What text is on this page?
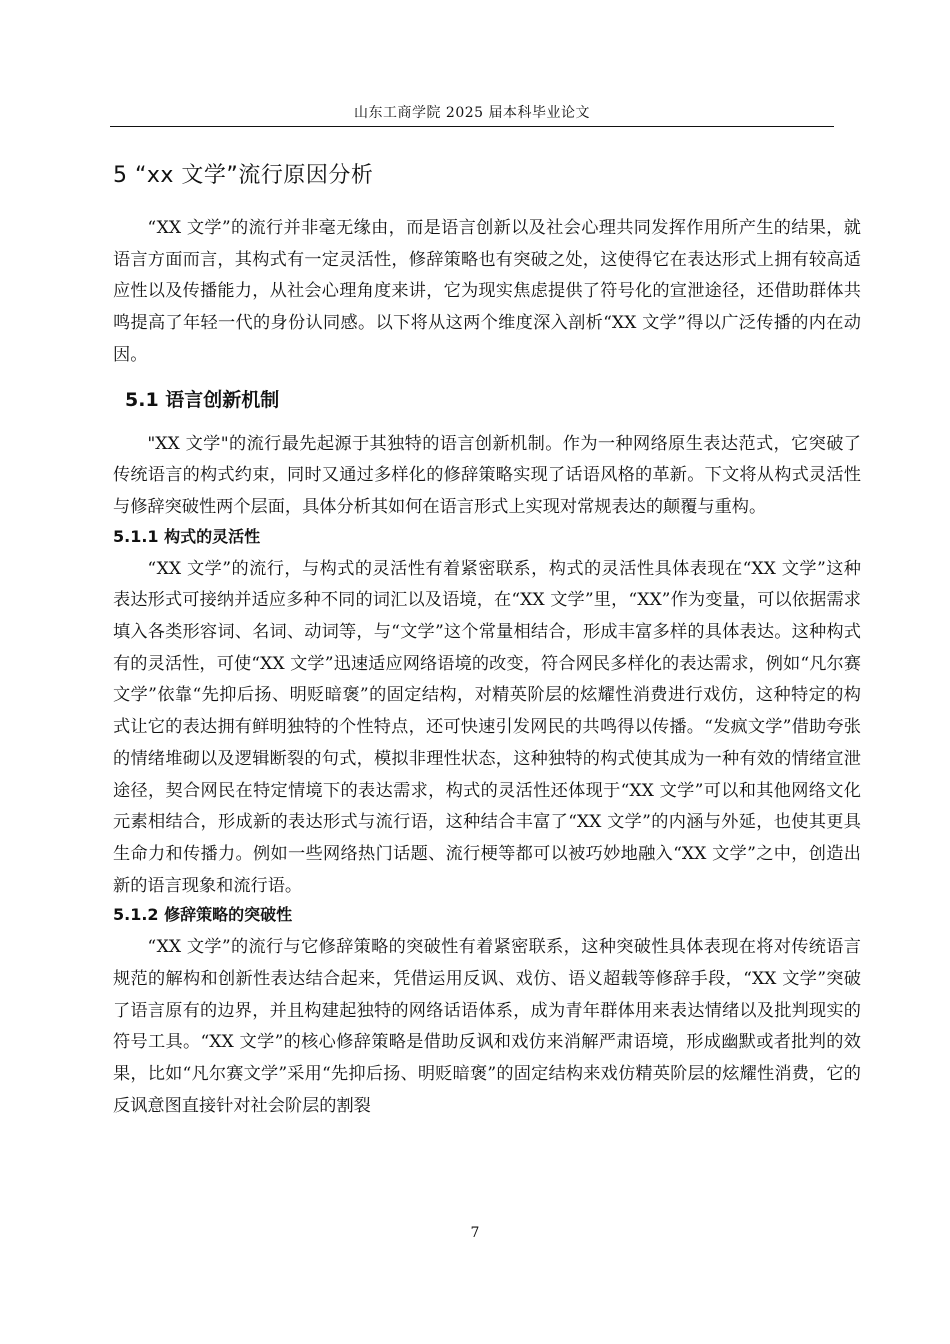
山东工商学院 2025 届本科毕业论文
5 “xx 文学”流行原因分析

“XX 文学”的流行并非毫无缘由，而是语言创新以及社会心理共同发挥作用所产生的结果，就语言方面而言，其构式有一定灵活性，修辞策略也有突破之处，这使得它在表达形式上拥有较高适应性以及传播能力，从社会心理角度来讲，它为现实焦虑提供了符号化的宣泄途径，还借助群体共鸣提高了年轻一代的身份认同感。以下将从这两个维度深入剖析“XX 文学”得以广泛传播的内在动因。

5.1 语言创新机制

"XX 文学"的流行最先起源于其独特的语言创新机制。作为一种网络原生表达范式，它突破了传统语言的构式约束，同时又通过多样化的修辞策略实现了话语风格的革新。下文将从构式灵活性与修辞突破性两个层面，具体分析其如何在语言形式上实现对常规表达的颠覆与重构。

5.1.1 构式的灵活性

“XX 文学”的流行，与构式的灵活性有着紧密联系，构式的灵活性具体表现在“XX 文学”这种表达形式可接纳并适应多种不同的词汇以及语境，在“XX 文学”里，“XX”作为变量，可以依据需求填入各类形容词、名词、动词等，与“文学”这个常量相结合，形成丰富多样的具体表达。这种构式有的灵活性，可使“XX 文学”迅速适应网络语境的改变，符合网民多样化的表达需求，例如“凡尔赛文学”依靠“先抑后扬、明贬暗褒”的固定结构，对精英阶层的炫耀性消费进行戏仿，这种特定的构式让它的表达拥有鲜明独特的个性特点，还可快速引发网民的共鸣得以传播。“发疯文学”借助夸张的情绪堆砌以及逻辑断裂的句式，模拟非理性状态，这种独特的构式使其成为一种有效的情绪宣泄途径，契合网民在特定情境下的表达需求，构式的灵活性还体现于“XX 文学”可以和其他网络文化元素相结合，形成新的表达形式与流行语，这种结合丰富了“XX 文学”的内涵与外延，也使其更具生命力和传播力。例如一些网络热门话题、流行梗等都可以被巧妙地融入“XX 文学”之中，创造出新的语言现象和流行语。

5.1.2 修辞策略的突破性

“XX 文学”的流行与它修辞策略的突破性有着紧密联系，这种突破性具体表现在将对传统语言规范的解构和创新性表达结合起来，凭借运用反讽、戏仿、语义超载等修辞手段，“XX 文学”突破了语言原有的边界，并且构建起独特的网络话语体系，成为青年群体用来表达情绪以及批判现实的符号工具。“XX 文学”的核心修辞策略是借助反讽和戏仿来消解严肃语境，形成幽默或者批判的效果，比如“凡尔赛文学”采用“先抑后扬、明贬暗褒”的固定结构来戏仿精英阶层的炫耀性消费，它的反讽意图直接针对社会阶层的割裂

7
